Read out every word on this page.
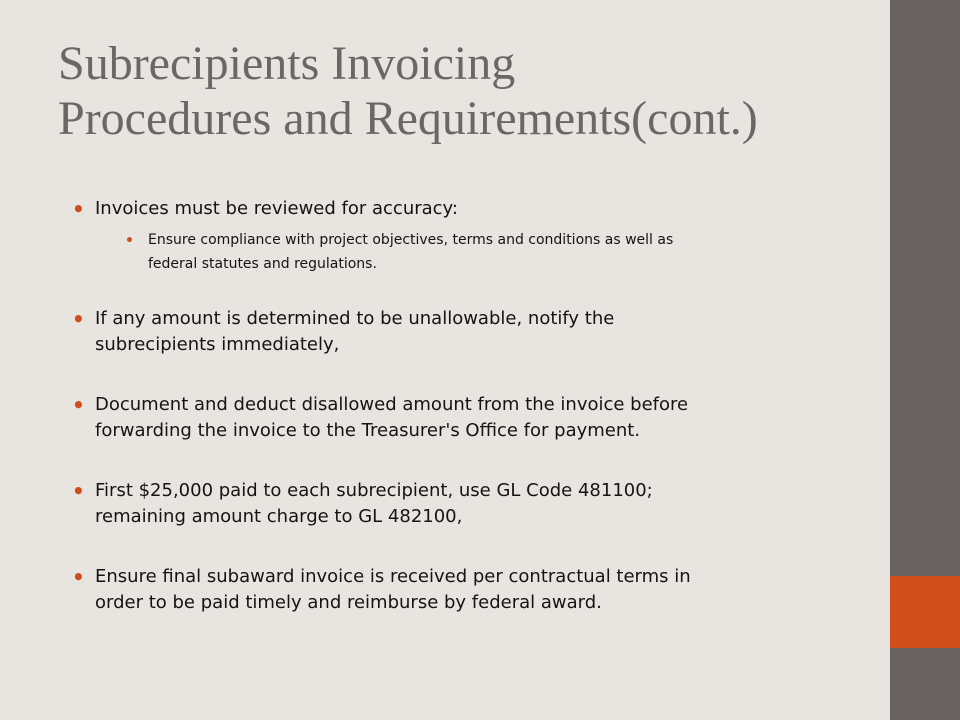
Subrecipients Invoicing
Procedures and Requirements(cont.)
• Invoices must be reviewed for accuracy:
• Ensure compliance with project objectives, terms and conditions as well as
federal statutes and regulations.
• If any amount is determined to be unallowable, notify the
subrecipients immediately,
• Document and deduct disallowed amount from the invoice before
forwarding the invoice to the Treasurer's Office for payment.
• First $25,000 paid to each subrecipient, use GL Code 481100;
remaining amount charge to GL 482100,
• Ensure final subaward invoice is received per contractual terms in
order to be paid timely and reimburse by federal award.
